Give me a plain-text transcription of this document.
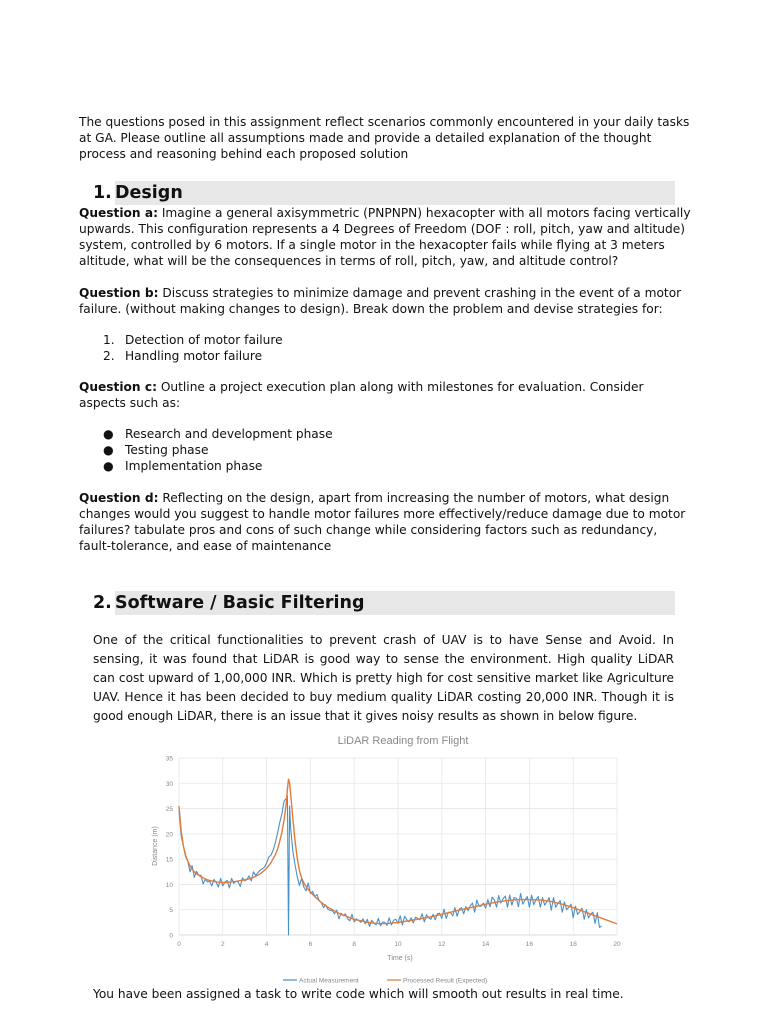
The questions posed in this assignment reflect scenarios commonly encountered in your daily tasks at GA. Please outline all assumptions made and provide a detailed explanation of the thought process and reasoning behind each proposed solution

Design
1.

Question a: Imagine a general axisymmetric (PNPNPN) hexacopter with all motors facing vertically upwards. This configuration represents a 4 Degrees of Freedom (DOF : roll, pitch, yaw and altitude) system, controlled by 6 motors. If a single motor in the hexacopter fails while flying at 3 meters altitude, what will be the consequences in terms of roll, pitch, yaw, and altitude control?

Question b: Discuss strategies to minimize damage and prevent crashing in the event of a motor failure. (without making changes to design). Break down the problem and devise strategies for:

1. Detection of motor failure
2. Handling motor failure

Question c: Outline a project execution plan along with milestones for evaluation. Consider aspects such as:

● Research and development phase
● Testing phase
● Implementation phase

Question d: Reflecting on the design, apart from increasing the number of motors, what design changes would you suggest to handle motor failures more effectively/reduce damage due to motor failures? tabulate pros and cons of such change while considering factors such as redundancy, fault-tolerance, and ease of maintenance

Software / Basic Filtering
2.

One of the critical functionalities to prevent crash of UAV is to have Sense and Avoid. In sensing, it was found that LiDAR is good way to sense the environment. High quality LiDAR can cost upward of 1,00,000 INR. Which is pretty high for cost sensitive market like Agriculture UAV. Hence it has been decided to buy medium quality LiDAR costing 20,000 INR. Though it is good enough LiDAR, there is an issue that it gives noisy results as shown in below figure.

LiDAR Reading from Flight
0
5
10
15
20
25
30
35
0	2	4	6	8	10	12	14	16	18	20
Distance (m)
Time (s)
Actual Measurement	Processed Result (Expected)

You have been assigned a task to write code which will smooth out results in real time.
